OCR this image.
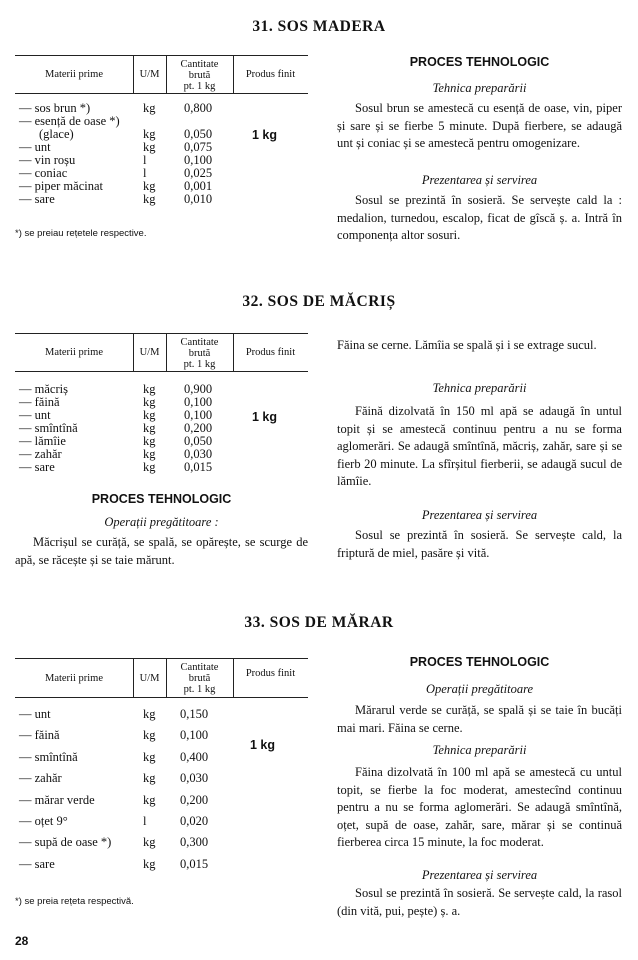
31. SOS MADERA
Materii prime	U/M
Cantitate
brută
pt. 1 kg
Produs finit
— sos brun *)	kg 0,800
— esență de oase *)
(glace)	kg 0,050
— unt	kg 0,075
— vin roșu	l	0,100
— coniac	l	0,025
— piper măcinat	kg 0,001
— sare	kg 0,010
1 kg
*) se preiau rețetele respective.
PROCES TEHNOLOGIC
Tehnica preparării
Sosul brun se amestecă cu esență de oase, vin, piper și sare și se fierbe 5 minute. După fierbere, se adaugă unt și coniac și se amestecă pentru omogenizare.
Prezentarea și servirea
Sosul se prezintă în sosieră. Se servește cald la : medalion, turnedou, escalop, ficat de gîscă ș. a. Intră în componența altor sosuri.
32. SOS DE MĂCRIȘ
Materii prime	U/M
Cantitate
brută
pt. 1 kg
Produs finit
— măcriș	kg 0,900
— făină	kg 0,100
— unt	kg 0,100
— smîntînă	kg 0,200
— lămîie	kg 0,050
— zahăr	kg 0,030
— sare	kg 0,015
1 kg
PROCES TEHNOLOGIC
Operații pregătitoare :
Măcrișul se curăță, se spală, se opărește, se scurge de apă, se răcește și se taie mărunt.
Făina se cerne. Lămîia se spală și i se extrage sucul.
Tehnica preparării
Făină dizolvată în 150 ml apă se adaugă în untul topit și se amestecă continuu pentru a nu se forma aglomerări. Se adaugă smîntînă, măcriș, zahăr, sare și se fierb 20 minute. La sfîrșitul fierberii, se adaugă sucul de lămîie.
Prezentarea și servirea
Sosul se prezintă în sosieră. Se servește cald, la friptură de miel, pasăre și vită.
33. SOS DE MĂRAR
Materii prime	U/M
Cantitate
brută
pt. 1 kg
Produs finit
— unt	kg 0,150
— făină	kg 0,100
— smîntînă	kg 0,400
— zahăr	kg 0,030
— mărar verde	kg 0,200
— oțet 9°	l	0,020
— supă de oase *)	kg 0,300
— sare	kg 0,015
1 kg
*) se preia rețeta respectivă.
PROCES TEHNOLOGIC
Operații pregătitoare
Mărarul verde se curăță, se spală și se taie în bucăți mai mari. Făina se cerne.
Tehnica preparării
Făina dizolvată în 100 ml apă se amestecă cu untul topit, se fierbe la foc moderat, amestecînd continuu pentru a nu se forma aglomerări. Se adaugă smîntînă, oțet, supă de oase, zahăr, sare, mărar și se continuă fierberea circa 15 minute, la foc moderat.
Prezentarea și servirea
Sosul se prezintă în sosieră. Se servește cald, la rasol (din vită, pui, pește) ș. a.
28
